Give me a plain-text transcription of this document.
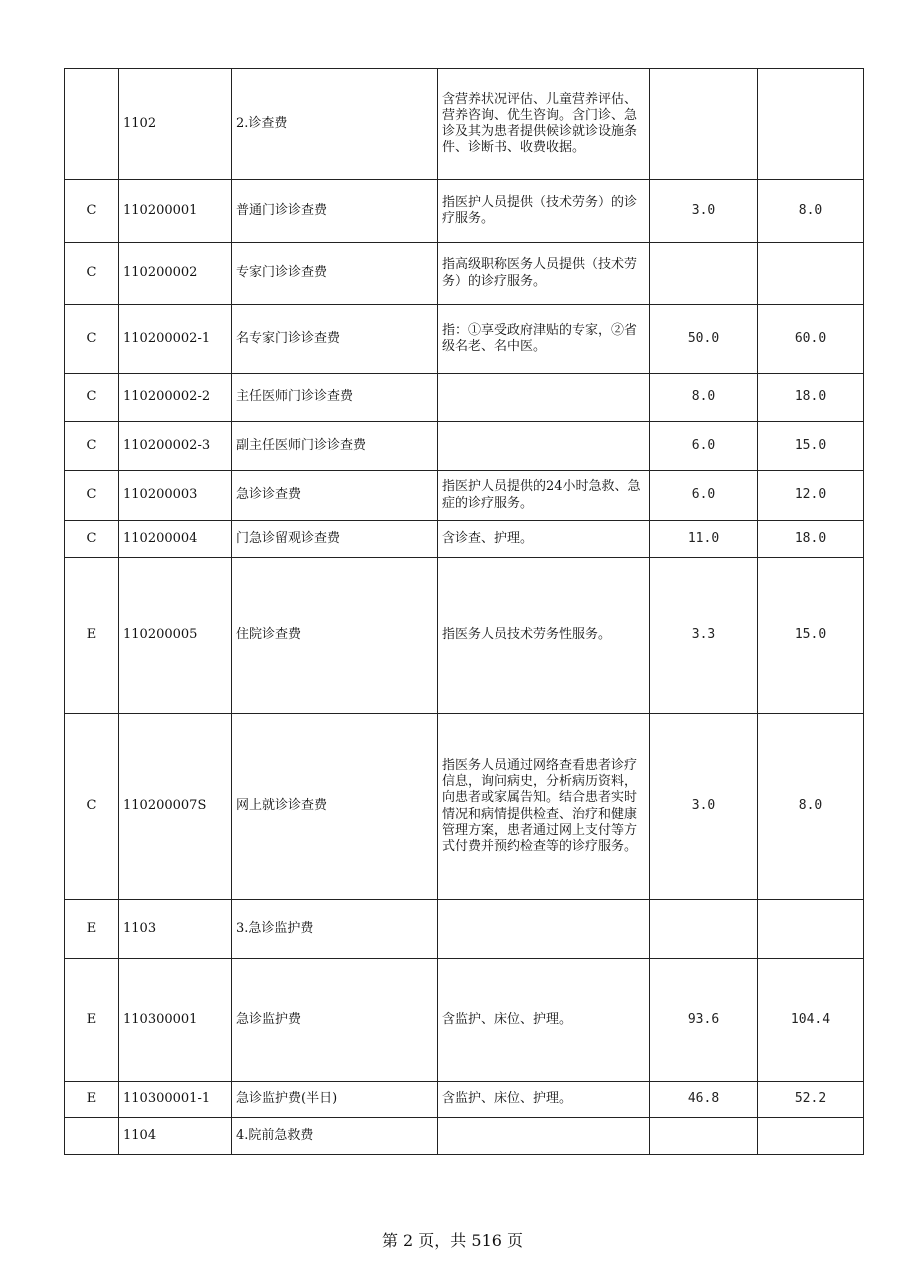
	1102	2.诊查费	含营养状况评估、儿童营养评估、营养咨询、优生咨询。含门诊、急诊及其为患者提供候诊就诊设施条件、诊断书、收费收据。		
C	110200001	普通门诊诊查费	指医护人员提供（技术劳务）的诊疗服务。	3.0	8.0
C	110200002	专家门诊诊查费	指高级职称医务人员提供（技术劳务）的诊疗服务。		
C	110200002-1	名专家门诊诊查费	指：①享受政府津贴的专家，②省级名老、名中医。	50.0	60.0
C	110200002-2	主任医师门诊诊查费		8.0	18.0
C	110200002-3	副主任医师门诊诊查费		6.0	15.0
C	110200003	急诊诊查费	指医护人员提供的24小时急救、急症的诊疗服务。	6.0	12.0
C	110200004	门急诊留观诊查费	含诊查、护理。	11.0	18.0
E	110200005	住院诊查费	指医务人员技术劳务性服务。	3.3	15.0
C	110200007S	网上就诊诊查费	指医务人员通过网络查看患者诊疗信息，询问病史，分析病历资料，向患者或家属告知。结合患者实时情况和病情提供检查、治疗和健康管理方案，患者通过网上支付等方式付费并预约检查等的诊疗服务。	3.0	8.0
E	1103	3.急诊监护费			
E	110300001	急诊监护费	含监护、床位、护理。	93.6	104.4
E	110300001-1	急诊监护费(半日)	含监护、床位、护理。	46.8	52.2
	1104	4.院前急救费			
第 2 页，共 516 页
